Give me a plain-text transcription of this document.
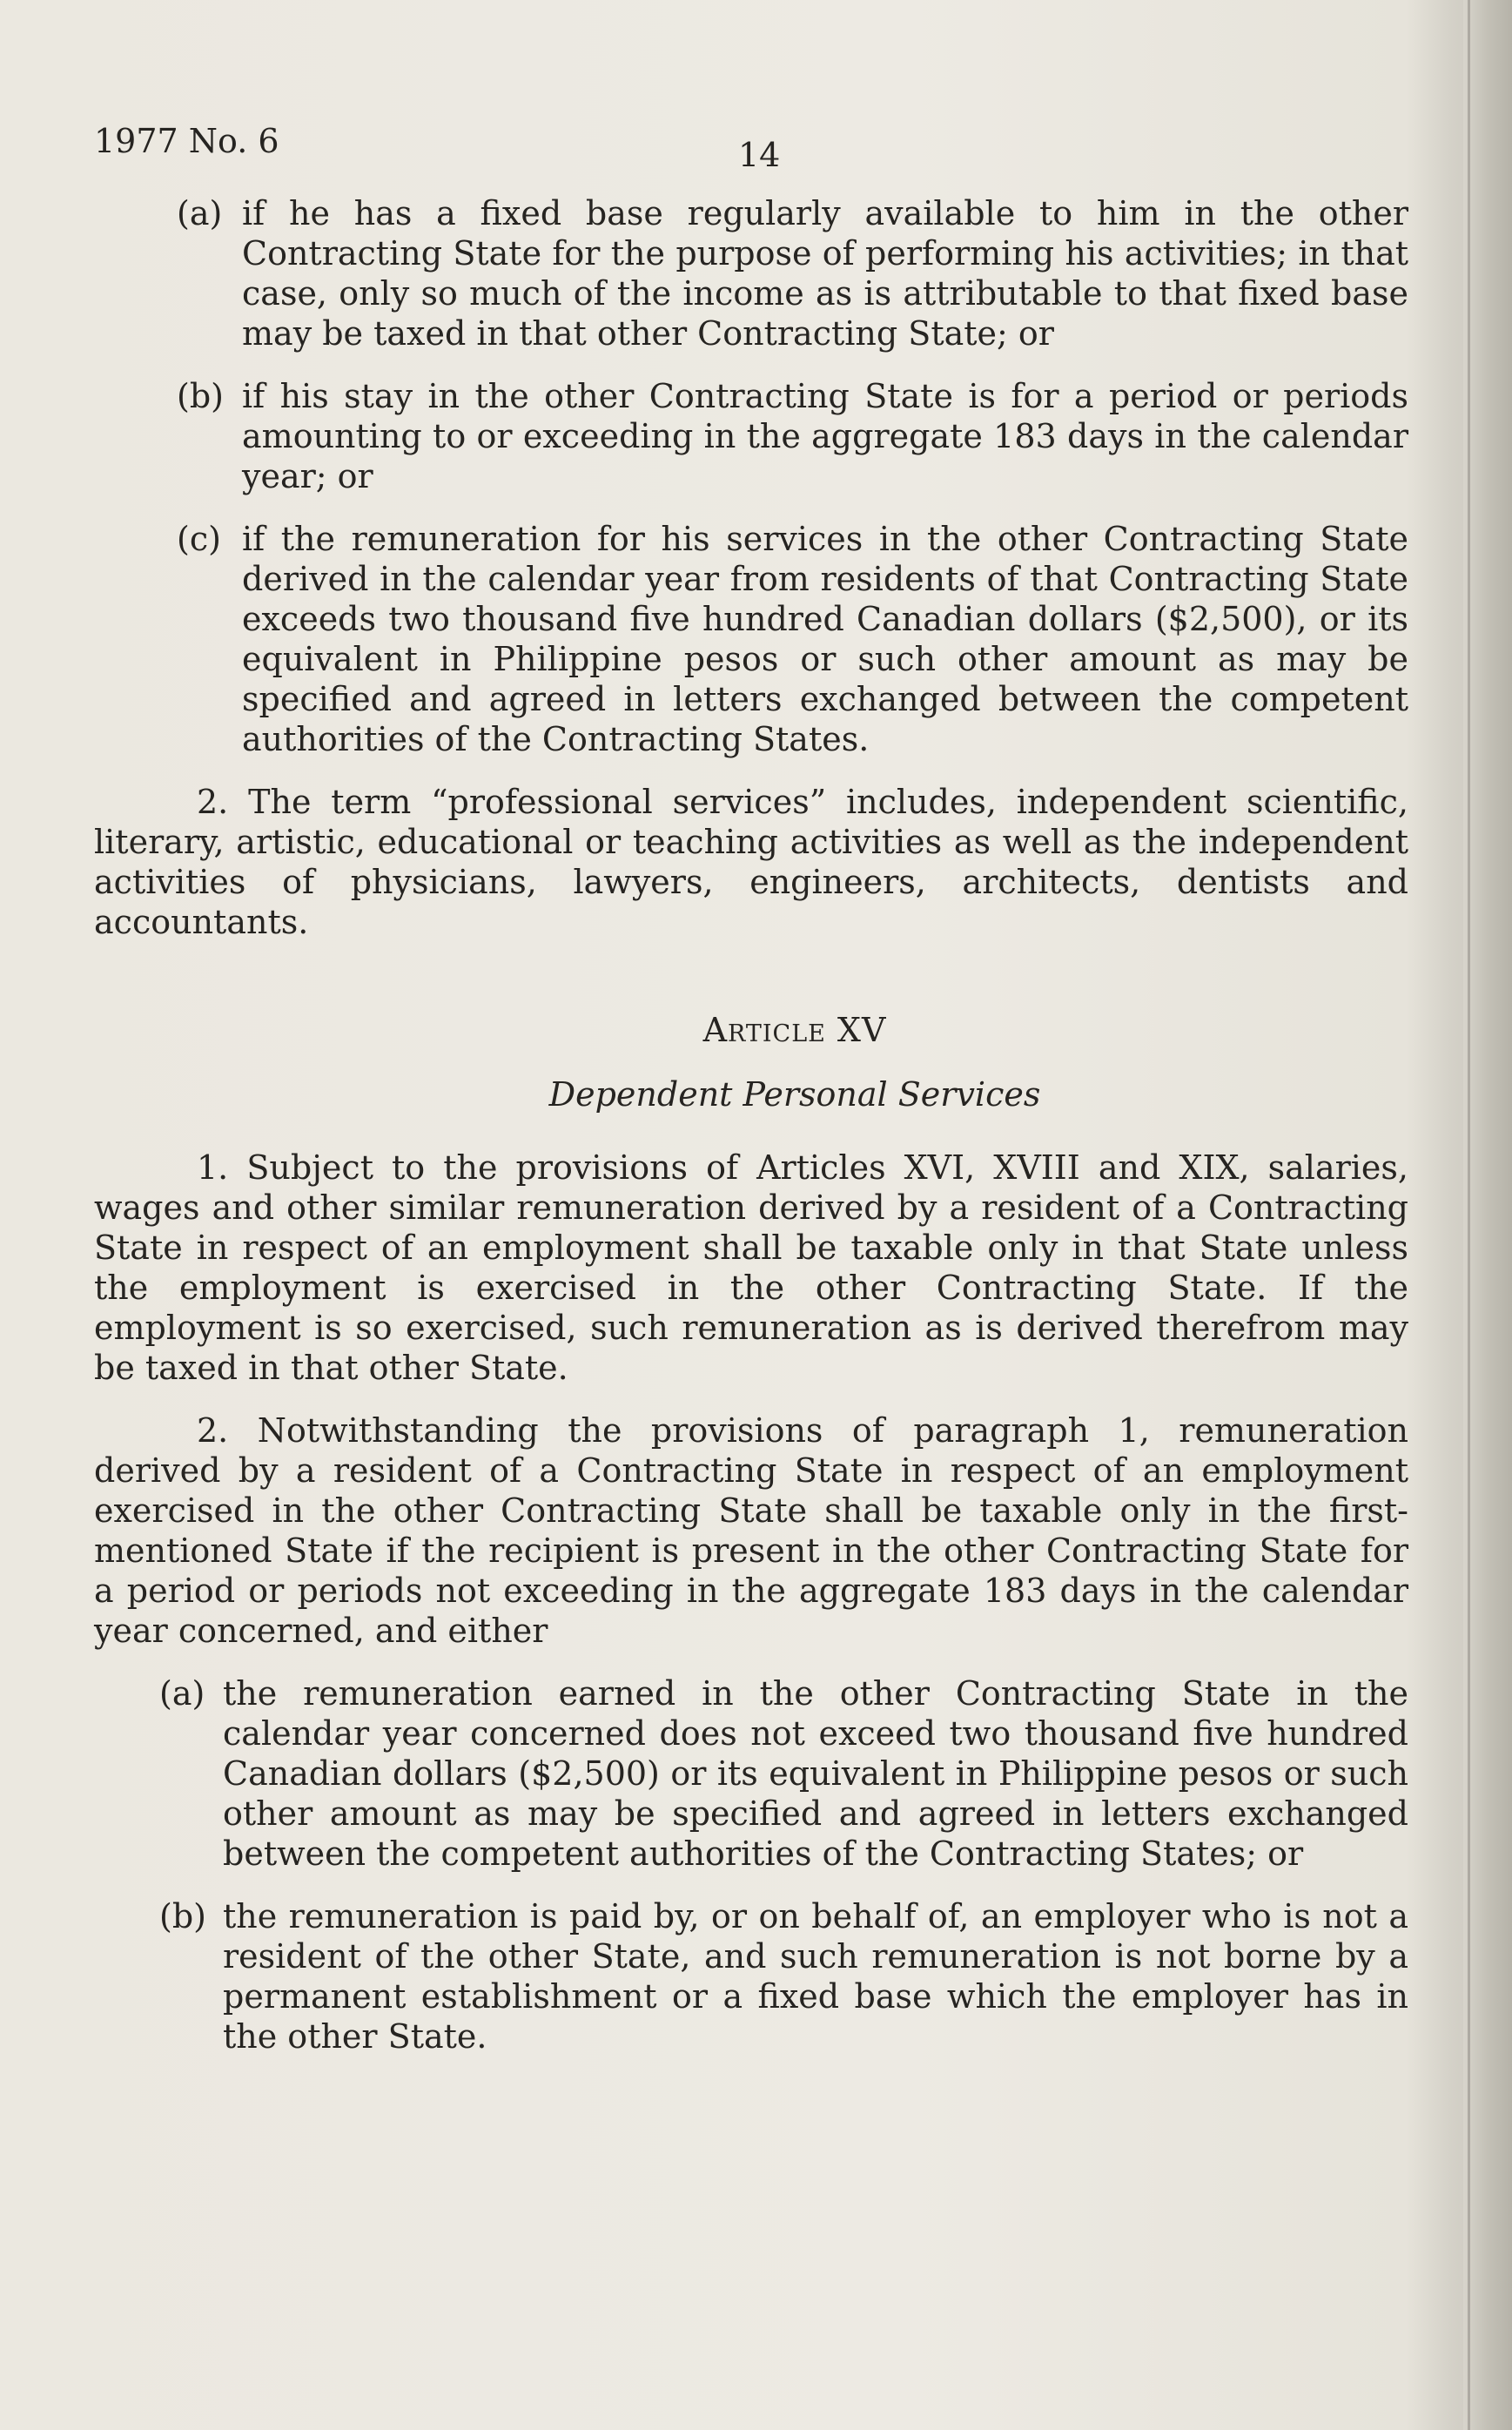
1977 No. 6	14
(a) if he has a fixed base regularly available to him in the other Contracting State for the purpose of performing his activities; in that case, only so much of the income as is attributable to that fixed base may be taxed in that other Contracting State; or
(b) if his stay in the other Contracting State is for a period or periods amounting to or exceeding in the aggregate 183 days in the calendar year; or
(c) if the remuneration for his services in the other Contracting State derived in the calendar year from residents of that Contracting State exceeds two thousand five hundred Canadian dollars ($2,500), or its equivalent in Philippine pesos or such other amount as may be specified and agreed in letters exchanged between the competent authorities of the Contracting States.

2. The term “professional services” includes, independent scientific, literary, artistic, educational or teaching activities as well as the independent activities of physicians, lawyers, engineers, architects, dentists and accountants.

Article XV
Dependent Personal Services

1. Subject to the provisions of Articles XVI, XVIII and XIX, salaries, wages and other similar remuneration derived by a resident of a Contracting State in respect of an employment shall be taxable only in that State unless the employment is exercised in the other Contracting State. If the employment is so exercised, such remuneration as is derived therefrom may be taxed in that other State.

2. Notwithstanding the provisions of paragraph 1, remuneration derived by a resident of a Contracting State in respect of an employment exercised in the other Contracting State shall be taxable only in the first-mentioned State if the recipient is present in the other Contracting State for a period or periods not exceeding in the aggregate 183 days in the calendar year concerned, and either

(a) the remuneration earned in the other Contracting State in the calendar year concerned does not exceed two thousand five hundred Canadian dollars ($2,500) or its equivalent in Philippine pesos or such other amount as may be specified and agreed in letters exchanged between the competent authorities of the Contracting States; or
(b) the remuneration is paid by, or on behalf of, an employer who is not a resident of the other State, and such remuneration is not borne by a permanent establishment or a fixed base which the employer has in the other State.
